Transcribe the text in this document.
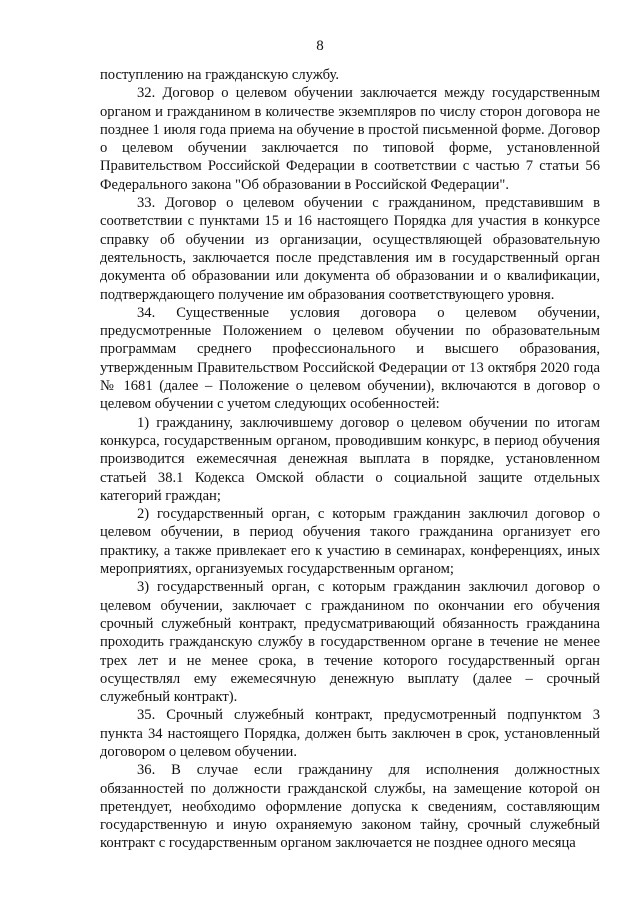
8

поступлению на гражданскую службу.

32. Договор о целевом обучении заключается между государственным органом и гражданином в количестве экземпляров по числу сторон договора не позднее 1 июля года приема на обучение в простой письменной форме. Договор о целевом обучении заключается по типовой форме, установленной Правительством Российской Федерации в соответствии с частью 7 статьи 56 Федерального закона "Об образовании в Российской Федерации".

33. Договор о целевом обучении с гражданином, представившим в соответствии с пунктами 15 и 16 настоящего Порядка для участия в конкурсе справку об обучении из организации, осуществляющей образовательную деятельность, заключается после представления им в государственный орган документа об образовании или документа об образовании и о квалификации, подтверждающего получение им образования соответствующего уровня.

34. Существенные условия договора о целевом обучении, предусмотренные Положением о целевом обучении по образовательным программам среднего профессионального и высшего образования, утвержденным Правительством Российской Федерации от 13 октября 2020 года № 1681 (далее – Положение о целевом обучении), включаются в договор о целевом обучении с учетом следующих особенностей:

1) гражданину, заключившему договор о целевом обучении по итогам конкурса, государственным органом, проводившим конкурс, в период обучения производится ежемесячная денежная выплата в порядке, установленном статьей 38.1 Кодекса Омской области о социальной защите отдельных категорий граждан;

2) государственный орган, с которым гражданин заключил договор о целевом обучении, в период обучения такого гражданина организует его практику, а также привлекает его к участию в семинарах, конференциях, иных мероприятиях, организуемых государственным органом;

3) государственный орган, с которым гражданин заключил договор о целевом обучении, заключает с гражданином по окончании его обучения срочный служебный контракт, предусматривающий обязанность гражданина проходить гражданскую службу в государственном органе в течение не менее трех лет и не менее срока, в течение которого государственный орган осуществлял ему ежемесячную денежную выплату (далее – срочный служебный контракт).

35. Срочный служебный контракт, предусмотренный подпунктом 3 пункта 34 настоящего Порядка, должен быть заключен в срок, установленный договором о целевом обучении.

36. В случае если гражданину для исполнения должностных обязанностей по должности гражданской службы, на замещение которой он претендует, необходимо оформление допуска к сведениям, составляющим государственную и иную охраняемую законом тайну, срочный служебный контракт с государственным органом заключается не позднее одного месяца
